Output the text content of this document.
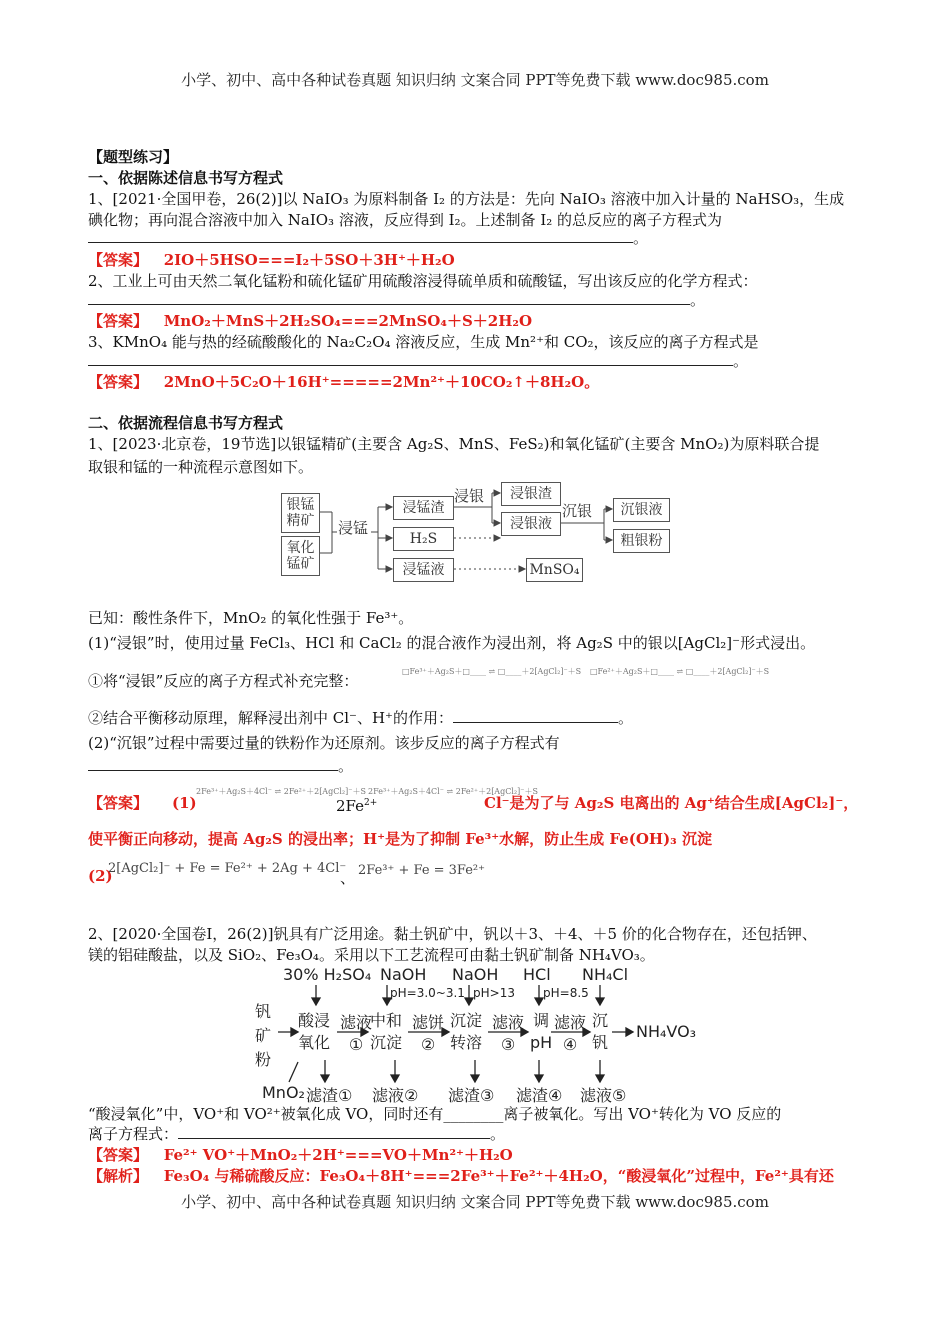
小学、初中、高中各种试卷真题 知识归纳 文案合同 PPT等免费下载 www.doc985.com
【题型练习】
一、依据陈述信息书写方程式
1、[2021·全国甲卷，26(2)]以 NaIO₃ 为原料制备 I₂ 的方法是：先向 NaIO₃ 溶液中加入计量的 NaHSO₃，生成
碘化物；再向混合溶液中加入 NaIO₃ 溶液，反应得到 I₂。上述制备 I₂ 的总反应的离子方程式为
。
【答案】 2IO＋5HSO===I₂＋5SO＋3H⁺＋H₂O
2、工业上可由天然二氧化锰粉和硫化锰矿用硫酸溶浸得硫单质和硫酸锰，写出该反应的化学方程式：
。
【答案】 MnO₂＋MnS＋2H₂SO₄===2MnSO₄＋S＋2H₂O
3、KMnO₄ 能与热的经硫酸酸化的 Na₂C₂O₄ 溶液反应，生成 Mn²⁺和 CO₂，该反应的离子方程式是
。
【答案】 2MnO＋5C₂O＋16H⁺=====2Mn²⁺＋10CO₂↑＋8H₂O。
二、依据流程信息书写方程式
1、[2023·北京卷，19节选]以银锰精矿(主要含 Ag₂S、MnS、FeS₂)和氧化锰矿(主要含 MnO₂)为原料联合提
取银和锰的一种流程示意图如下。
银锰
精矿
氧化
锰矿
浸锰
浸锰渣
H₂S
浸锰液
浸银	浸银渣
浸银液
沉银	沉银液
粗银粉
MnSO₄
已知：酸性条件下，MnO₂ 的氧化性强于 Fe³⁺。
(1)“浸银”时，使用过量 FeCl₃、HCl 和 CaCl₂ 的混合液作为浸出剂，将 Ag₂S 中的银以[AgCl₂]⁻形式浸出。
①将“浸银”反应的离子方程式补充完整：
□Fe³⁺＋Ag₂S＋□____ ⇌ □____＋2[AgCl₂]⁻＋S □Fe²⁺＋Ag₂S＋□____ ⇌ □____＋2[AgCl₂]⁻＋S
②结合平衡移动原理，解释浸出剂中 Cl⁻、H⁺的作用：	。
(2)“沉银”过程中需要过量的铁粉作为还原剂。该步反应的离子方程式有
。
【答案】 (1)
2Fe³⁺＋Ag₂S＋4Cl⁻ ⇌ 2Fe²⁺＋2[AgCl₂]⁻＋S
$2Fe^{2+}$
2Fe³⁺＋Ag₂S＋4Cl⁻ ⇌ 2Fe²⁺＋2[AgCl₂]⁻＋S
Cl⁻是为了与 Ag₂S 电离出的 Ag⁺结合生成[AgCl₂]⁻，
使平衡正向移动，提高 Ag₂S 的浸出率；H⁺是为了抑制 Fe³⁺水解，防止生成 Fe(OH)₃ 沉淀
(2)
2[AgCl₂]⁻ + Fe = Fe²⁺ + 2Ag + 4Cl⁻
、 2Fe³⁺ + Fe = 3Fe²⁺
2、[2020·全国卷Ⅰ，26(2)]钒具有广泛用途。黏土钒矿中，钒以＋3、＋4、＋5 价的化合物存在，还包括钾、
镁的铝硅酸盐，以及 SiO₂、Fe₃O₄。采用以下工艺流程可由黏土钒矿制备 NH₄VO₃。
30% H₂SO₄ NaOH NaOH HCl NH₄Cl
pH=3.0~3.1 pH>13 pH=8.5
钒
矿
粉
酸浸
氧化
滤液
①
中和
沉淀
滤饼
②
沉淀
转溶
滤液
③
调
pH
滤液
④
沉
钒
NH₄VO₃
MnO₂ 滤渣① 滤液② 滤渣③ 滤渣④ 滤液⑤
“酸浸氧化”中，VO⁺和 VO²⁺被氧化成 VO，同时还有________离子被氧化。写出 VO⁺转化为 VO 反应的
离子方程式：	。
【答案】 Fe²⁺ VO⁺＋MnO₂＋2H⁺===VO＋Mn²⁺＋H₂O
【解析】 Fe₃O₄ 与稀硫酸反应：Fe₃O₄＋8H⁺===2Fe³⁺＋Fe²⁺＋4H₂O，“酸浸氧化”过程中，Fe²⁺具有还
小学、初中、高中各种试卷真题 知识归纳 文案合同 PPT等免费下载 www.doc985.com
